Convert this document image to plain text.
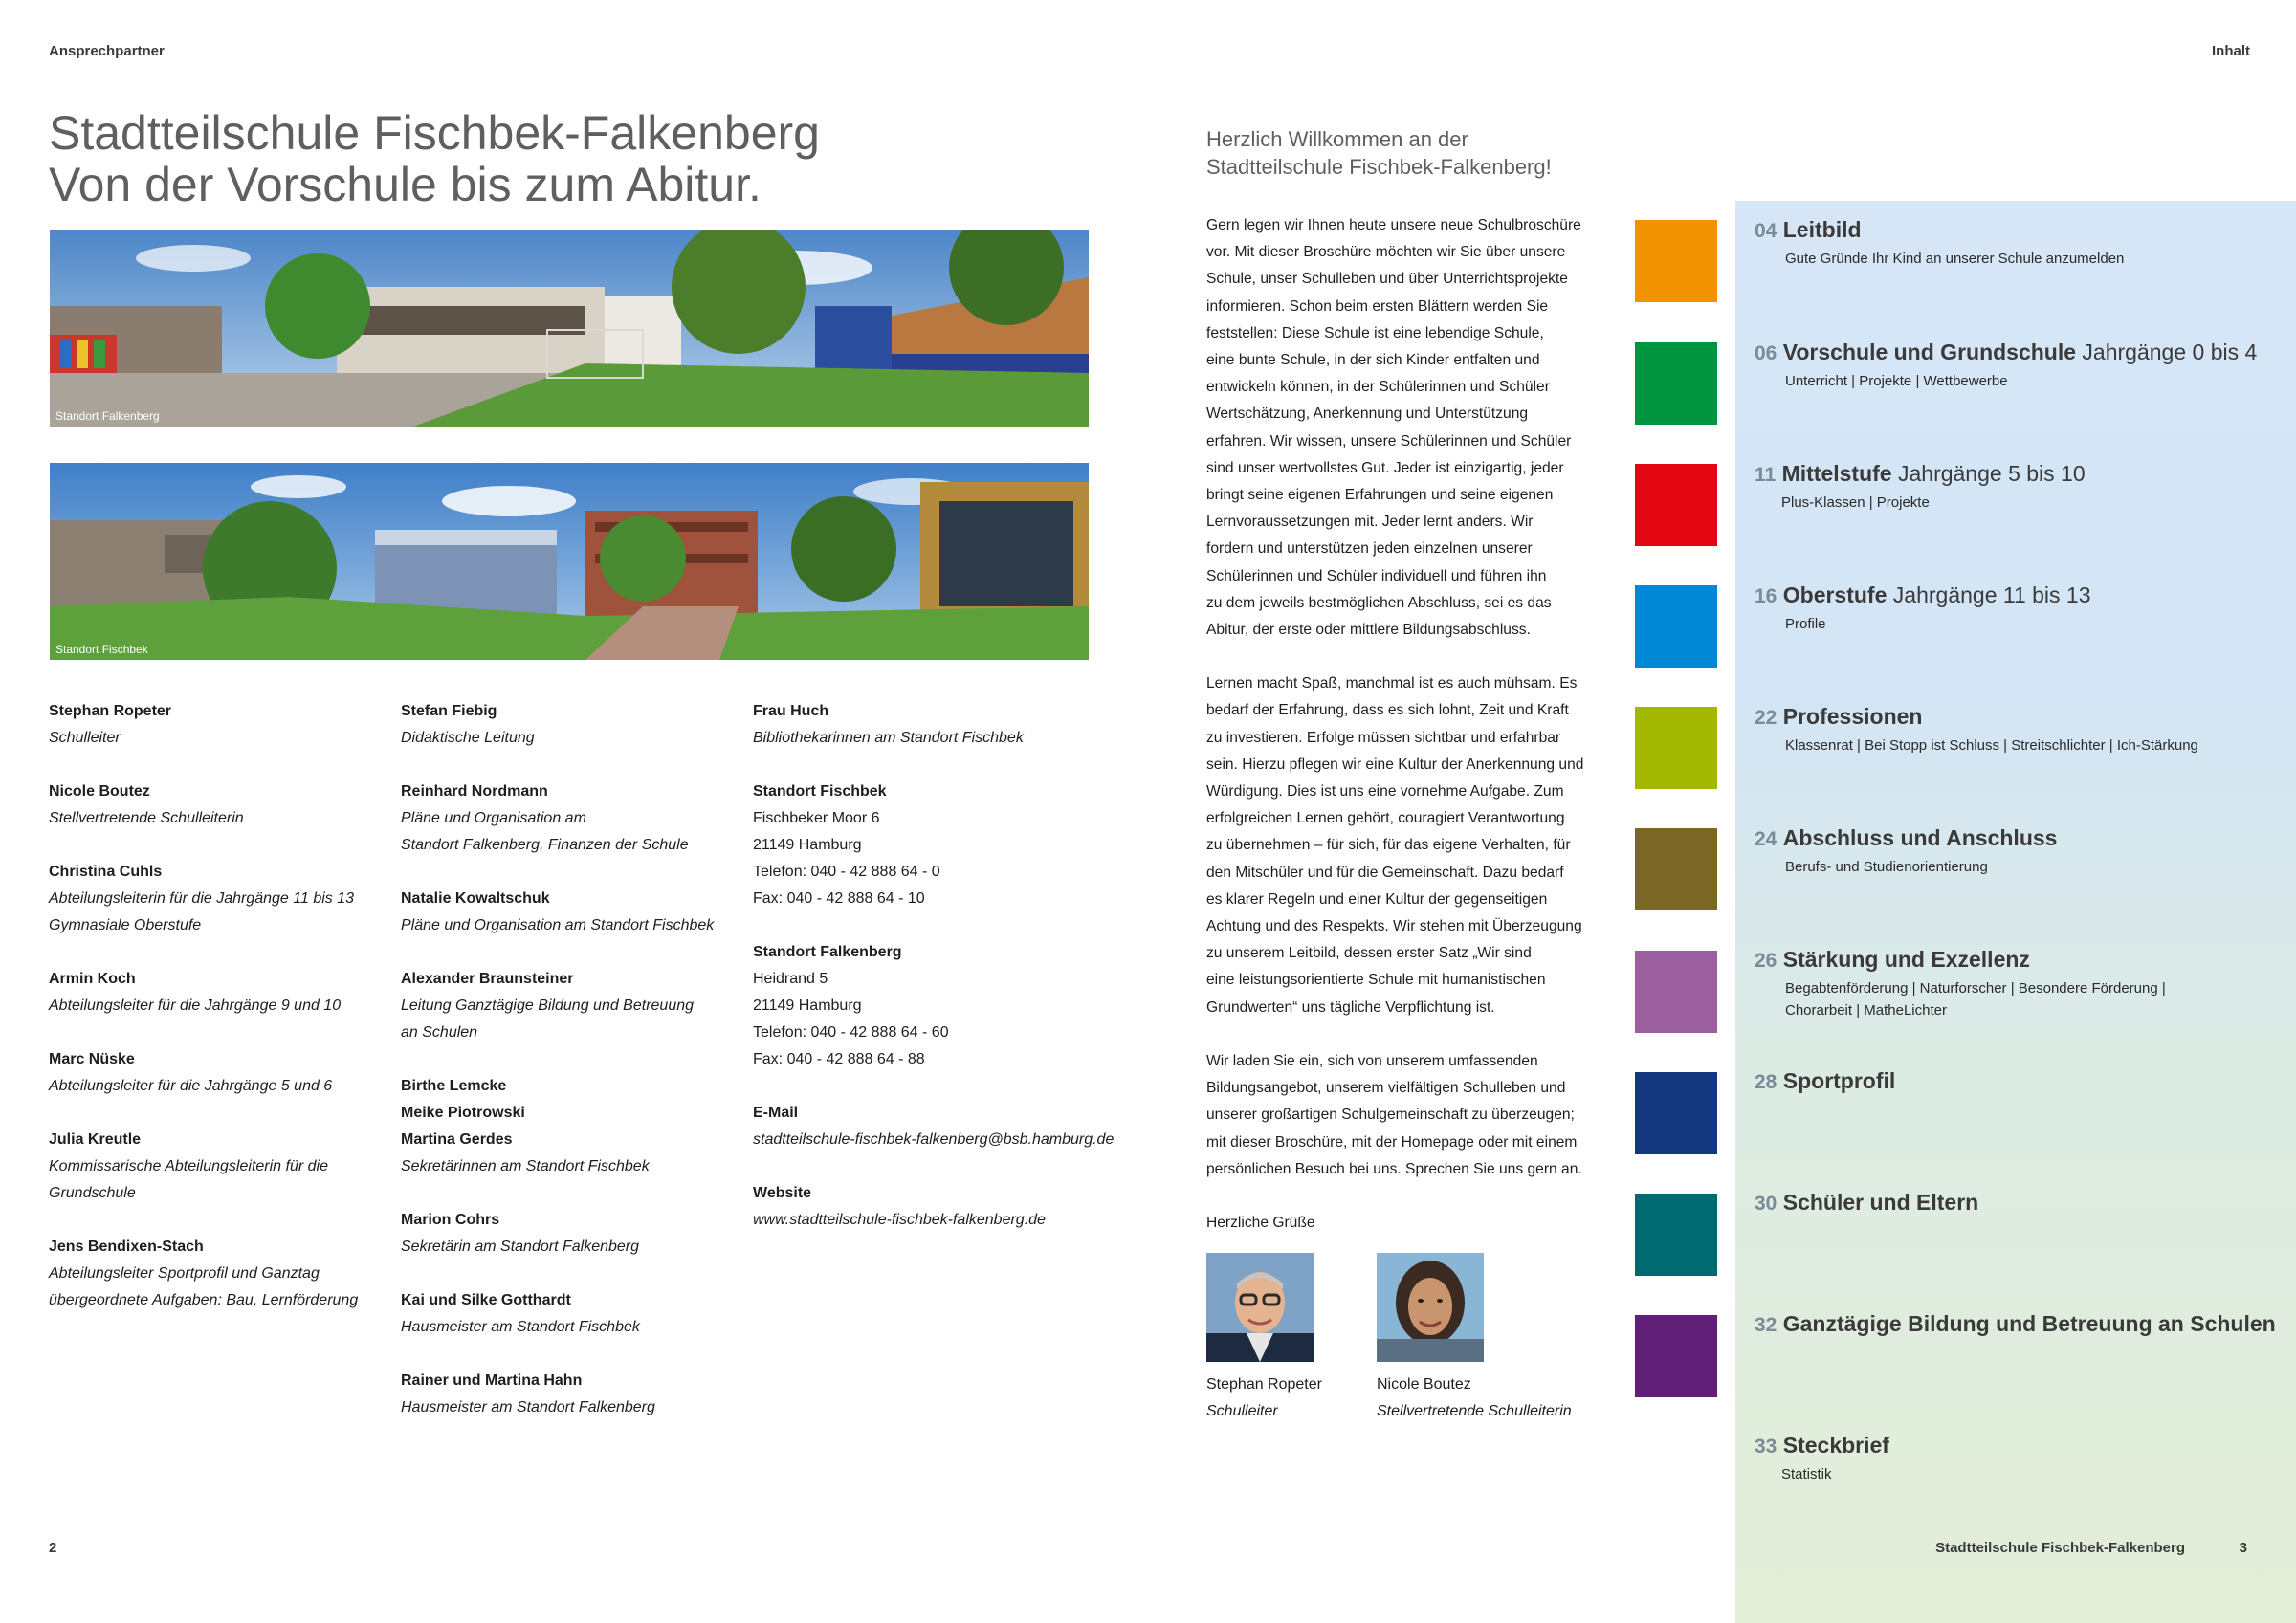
Ansprechpartner	Inhalt
Stadtteilschule Fischbek-Falkenberg
Von der Vorschule bis zum Abitur.
Standort Falkenberg
Standort Fischbek
Stephan Ropeter
Schulleiter
Nicole Boutez
Stellvertretende Schulleiterin
Christina Cuhls
Abteilungsleiterin für die Jahrgänge 11 bis 13
Gymnasiale Oberstufe
Armin Koch
Abteilungsleiter für die Jahrgänge 9 und 10
Marc Nüske
Abteilungsleiter für die Jahrgänge 5 und 6
Julia Kreutle
Kommissarische Abteilungsleiterin für die
Grundschule
Jens Bendixen-Stach
Abteilungsleiter Sportprofil und Ganztag
übergeordnete Aufgaben: Bau, Lernförderung
Stefan Fiebig
Didaktische Leitung
Reinhard Nordmann
Pläne und Organisation am
Standort Falkenberg, Finanzen der Schule
Natalie Kowaltschuk
Pläne und Organisation am Standort Fischbek
Alexander Braunsteiner
Leitung Ganztägige Bildung und Betreuung
an Schulen
Birthe Lemcke
Meike Piotrowski
Martina Gerdes
Sekretärinnen am Standort Fischbek
Marion Cohrs
Sekretärin am Standort Falkenberg
Kai und Silke Gotthardt
Hausmeister am Standort Fischbek
Rainer und Martina Hahn
Hausmeister am Standort Falkenberg
Frau Huch
Bibliothekarinnen am Standort Fischbek
Standort Fischbek
Fischbeker Moor 6
21149 Hamburg
Telefon: 040 - 42 888 64 - 0
Fax: 040 - 42 888 64 - 10
Standort Falkenberg
Heidrand 5
21149 Hamburg
Telefon: 040 - 42 888 64 - 60
Fax: 040 - 42 888 64 - 88
E-Mail
stadtteilschule-fischbek-falkenberg@bsb.hamburg.de
Website
www.stadtteilschule-fischbek-falkenberg.de
2
Herzlich Willkommen an der
Stadtteilschule Fischbek-Falkenberg!

Gern legen wir Ihnen heute unsere neue Schulbroschüre
vor. Mit dieser Broschüre möchten wir Sie über unsere
Schule, unser Schulleben und über Unterrichtsprojekte
informieren. Schon beim ersten Blättern werden Sie
feststellen: Diese Schule ist eine lebendige Schule,
eine bunte Schule, in der sich Kinder entfalten und
entwickeln können, in der Schülerinnen und Schüler
Wertschätzung, Anerkennung und Unterstützung
erfahren. Wir wissen, unsere Schülerinnen und Schüler
sind unser wertvollstes Gut. Jeder ist einzigartig, jeder
bringt seine eigenen Erfahrungen und seine eigenen
Lernvoraussetzungen mit. Jeder lernt anders. Wir
fordern und unterstützen jeden einzelnen unserer
Schülerinnen und Schüler individuell und führen ihn
zu dem jeweils bestmöglichen Abschluss, sei es das
Abitur, der erste oder mittlere Bildungsabschluss.

Lernen macht Spaß, manchmal ist es auch mühsam. Es
bedarf der Erfahrung, dass es sich lohnt, Zeit und Kraft
zu investieren. Erfolge müssen sichtbar und erfahrbar
sein. Hierzu pflegen wir eine Kultur der Anerkennung und
Würdigung. Dies ist uns eine vornehme Aufgabe. Zum
erfolgreichen Lernen gehört, couragiert Verantwortung
zu übernehmen – für sich, für das eigene Verhalten, für
den Mitschüler und für die Gemeinschaft. Dazu bedarf
es klarer Regeln und einer Kultur der gegenseitigen
Achtung und des Respekts. Wir stehen mit Überzeugung
zu unserem Leitbild, dessen erster Satz „Wir sind
eine leistungsorientierte Schule mit humanistischen
Grundwerten“ uns tägliche Verpflichtung ist.

Wir laden Sie ein, sich von unserem umfassenden
Bildungsangebot, unserem vielfältigen Schulleben und
unserer großartigen Schulgemeinschaft zu überzeugen;
mit dieser Broschüre, mit der Homepage oder mit einem
persönlichen Besuch bei uns. Sprechen Sie uns gern an.

Herzliche Grüße

Stephan Ropeter
Schulleiter
Nicole Boutez
Stellvertretende Schulleiterin
04 Leitbild
Gute Gründe Ihr Kind an unserer Schule anzumelden
06 Vorschule und Grundschule Jahrgänge 0 bis 4
Unterricht | Projekte | Wettbewerbe
11 Mittelstufe Jahrgänge 5 bis 10
Plus-Klassen | Projekte
16 Oberstufe Jahrgänge 11 bis 13
Profile
22 Professionen
Klassenrat | Bei Stopp ist Schluss | Streitschlichter | Ich-Stärkung
24 Abschluss und Anschluss
Berufs- und Studienorientierung
26 Stärkung und Exzellenz
Begabtenförderung | Naturforscher | Besondere Förderung |
Chorarbeit | MatheLichter
28 Sportprofil
30 Schüler und Eltern
32 Ganztägige Bildung und Betreuung an Schulen
33 Steckbrief
Statistik
Stadtteilschule Fischbek-Falkenberg	3
